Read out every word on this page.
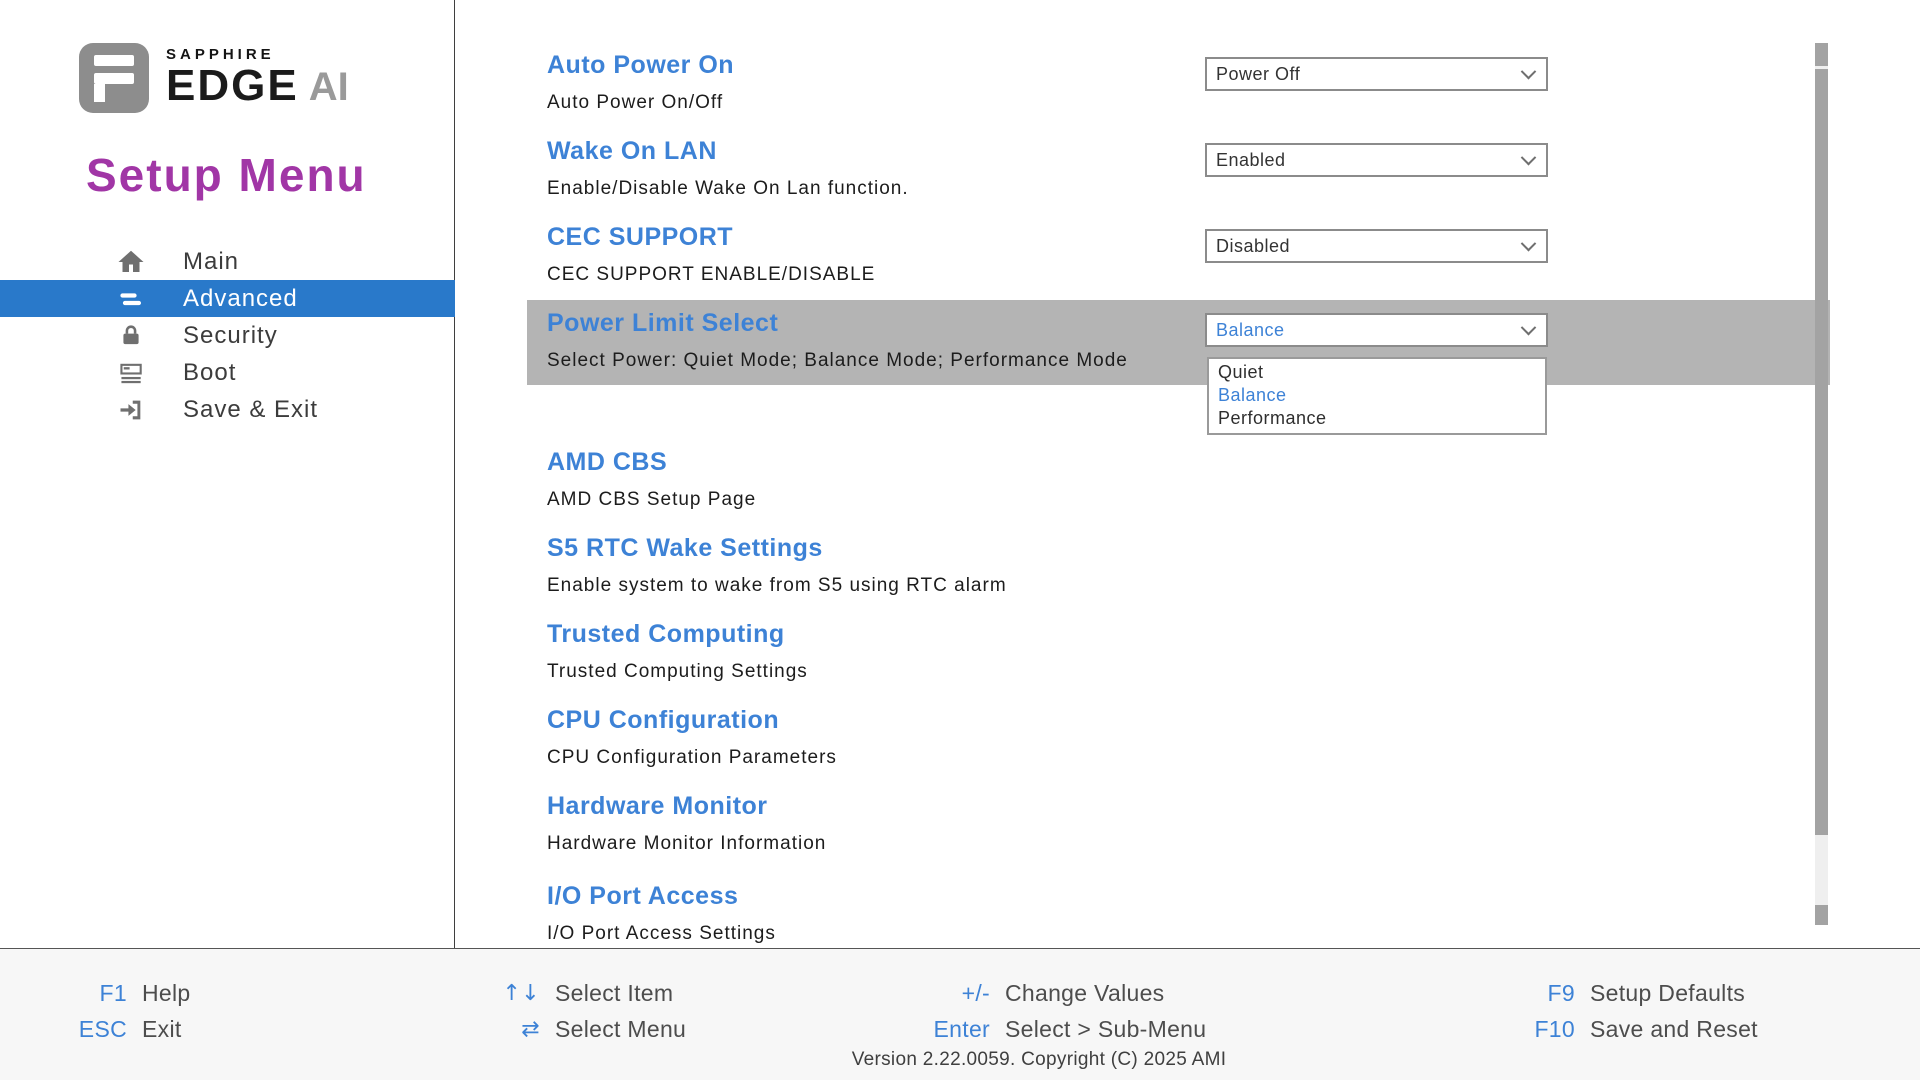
SAPPHIRE
EDGE AI
Setup Menu
Main
Advanced
Security
Boot
Save & Exit
Auto Power On
Auto Power On/Off
Wake On LAN
Enable/Disable Wake On Lan function.
CEC SUPPORT
CEC SUPPORT ENABLE/DISABLE
Power Limit Select
Select Power: Quiet Mode; Balance Mode; Performance Mode
AMD CBS
AMD CBS Setup Page
S5 RTC Wake Settings
Enable system to wake from S5 using RTC alarm
Trusted Computing
Trusted Computing Settings
CPU Configuration
CPU Configuration Parameters
Hardware Monitor
Hardware Monitor Information
I/O Port Access
I/O Port Access Settings
Power Off
Enabled
Disabled
Balance
Quiet
Balance
Performance
F1 Help
ESC Exit
↑↓ Select Item
⇄ Select Menu
+/- Change Values
Enter Select > Sub-Menu
F9 Setup Defaults
F10 Save and Reset
Version 2.22.0059. Copyright (C) 2025 AMI
